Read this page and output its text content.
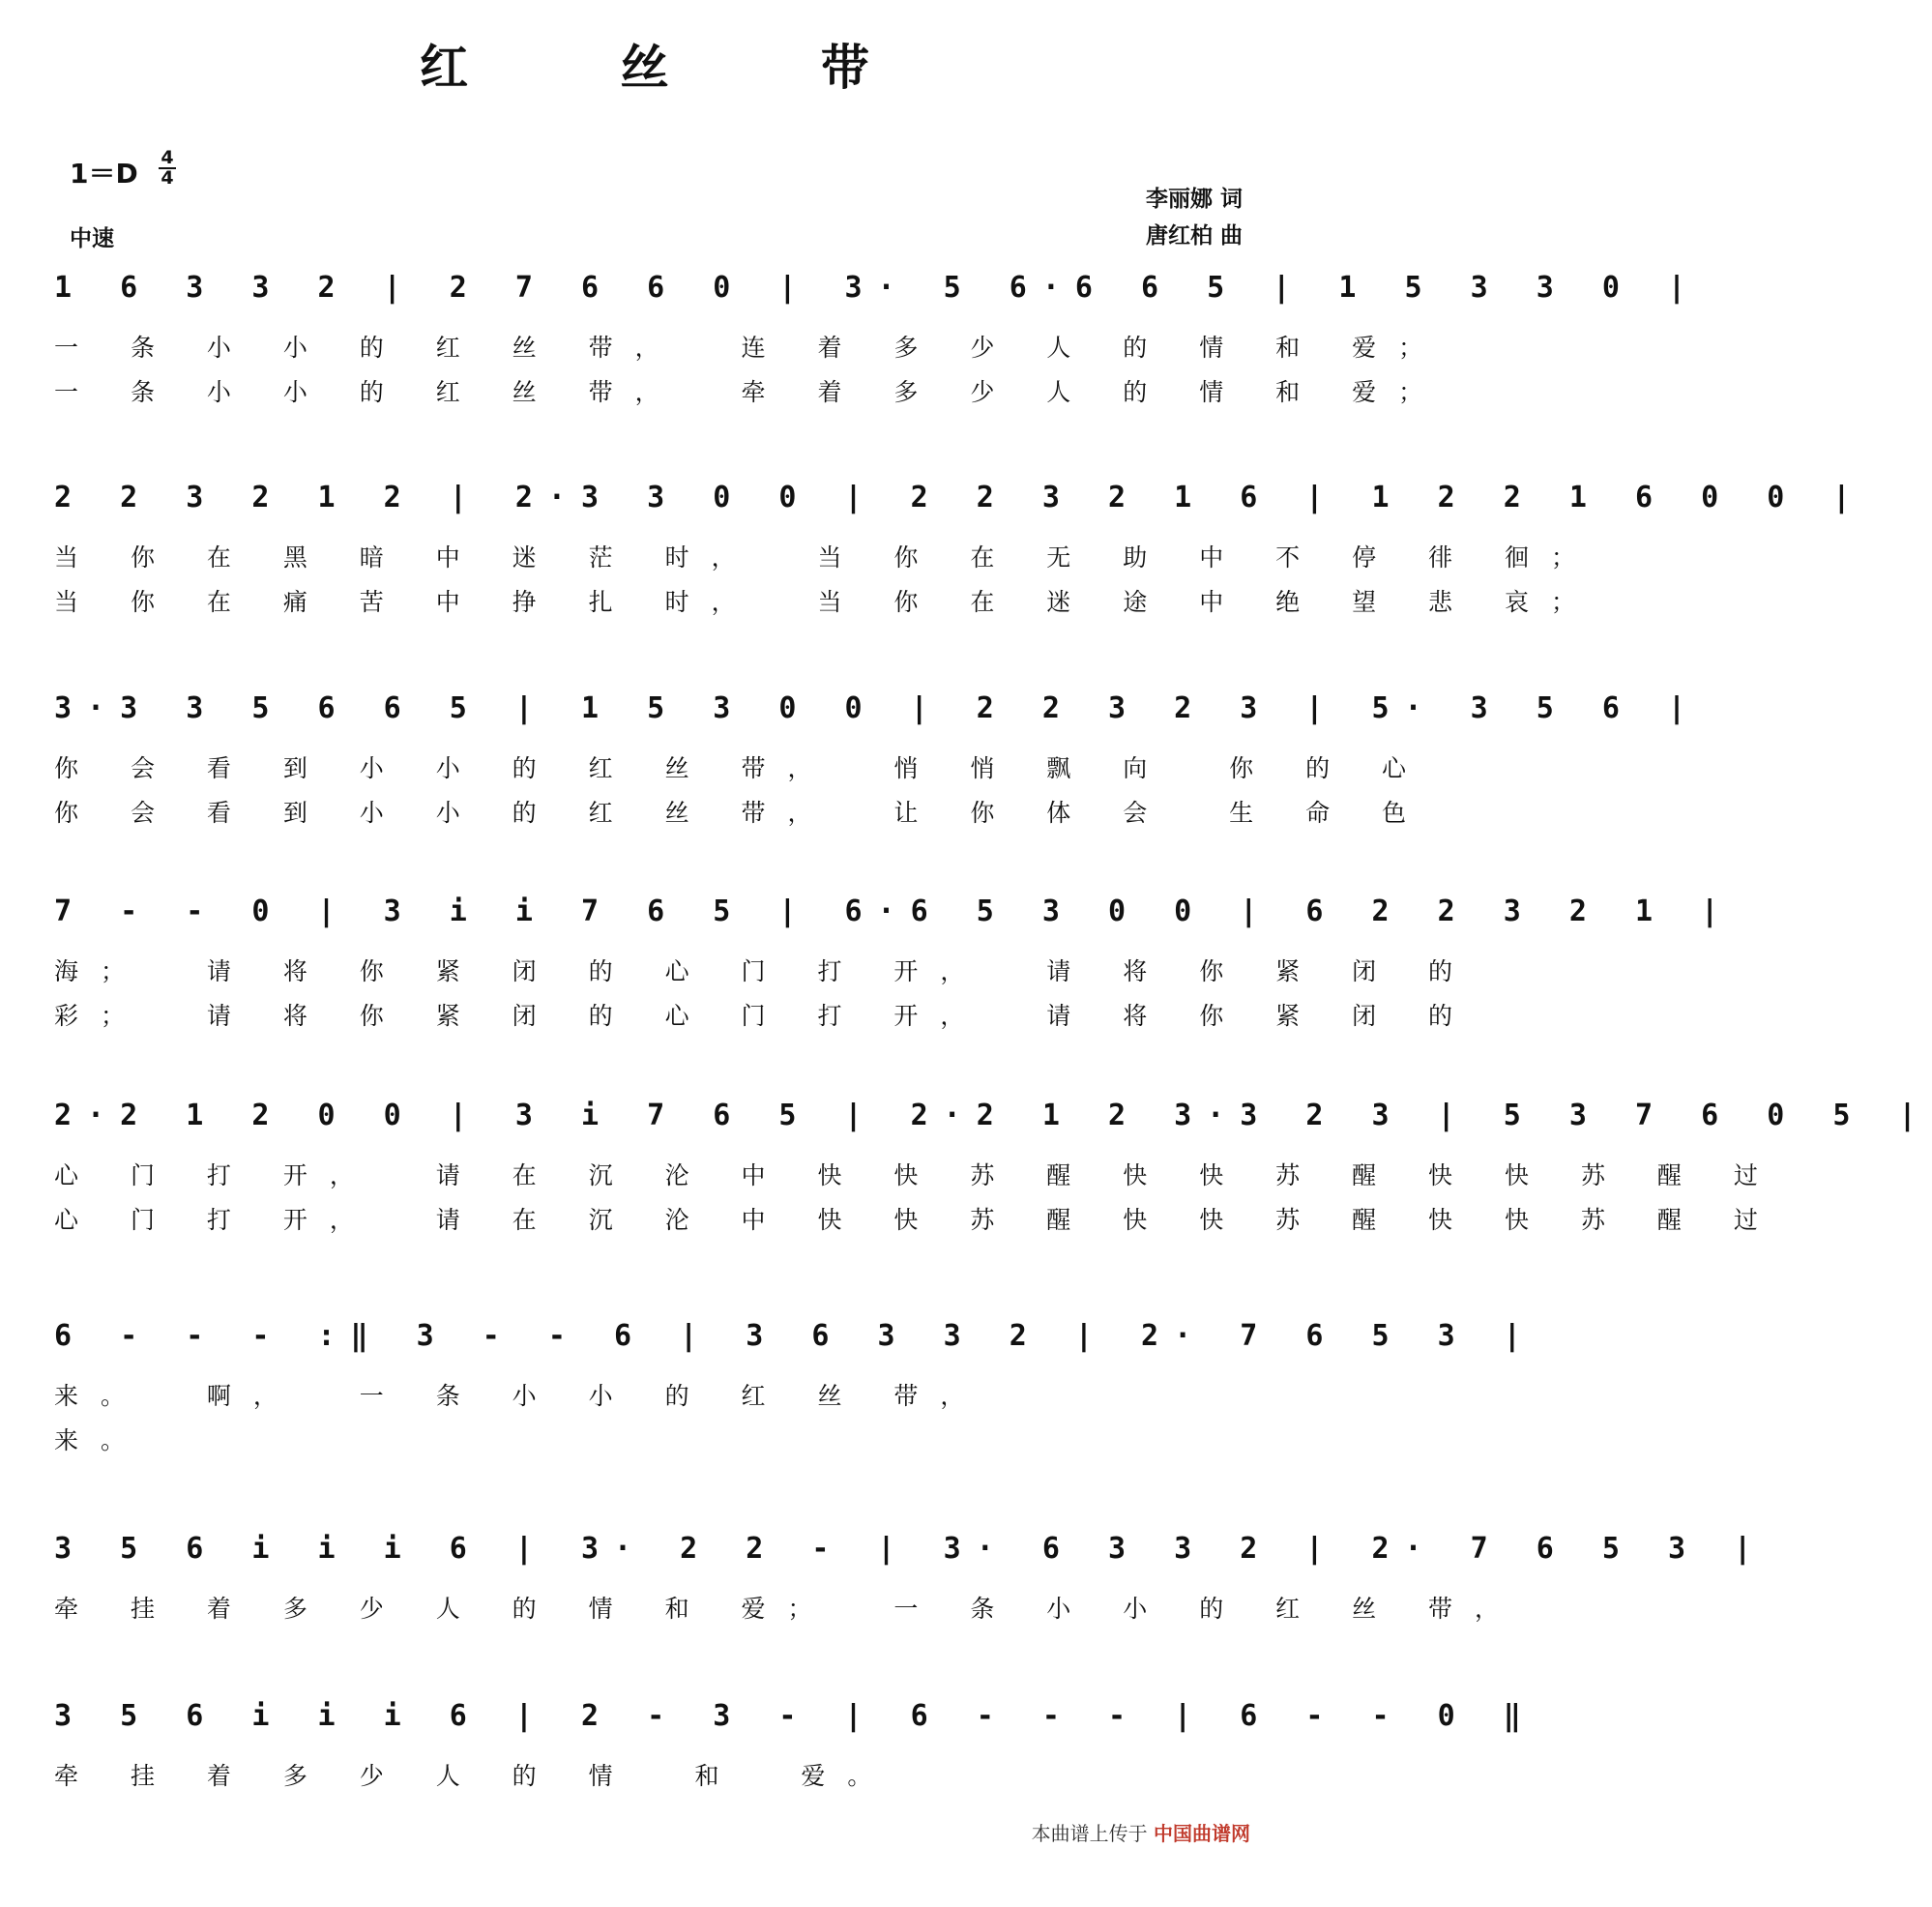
红 丝 带
1＝D 4
4
中速
李丽娜 词
唐红柏 曲
1 6 3 3 2 | 2 7 6 6 0 | 3· 5 6·6 6 5 | 1 5 3 3 0 |
一 条 小 小 的 红 丝 带，  连 着 多 少 人 的 情 和 爱；
一 条 小 小 的 红 丝 带，  牵 着 多 少 人 的 情 和 爱；
2 2 3 2 1 2 | 2·3 3 0 0 | 2 2 3 2 1 6 | 1 2 2 1 6 0 0 |
当 你 在 黑 暗 中 迷 茫 时，  当 你 在 无 助 中 不 停 徘 徊；
当 你 在 痛 苦 中 挣 扎 时，  当 你 在 迷 途 中 绝 望 悲 哀；
3·3 3 5 6 6 5 | 1 5 3 0 0 | 2 2 3 2 3 | 5· 3 5 6 |
你 会 看 到 小 小 的 红 丝 带，  悄 悄 飘 向  你 的 心
你 会 看 到 小 小 的 红 丝 带，  让 你 体 会  生 命 色
7 - - 0 | 3 i i 7 6 5 | 6·6 5 3 0 0 | 6 2 2 3 2 1 |
海；  请 将 你 紧 闭 的 心 门 打 开，  请 将 你 紧 闭 的
彩；  请 将 你 紧 闭 的 心 门 打 开，  请 将 你 紧 闭 的
2·2 1 2 0 0 | 3 i 7 6 5 | 2·2 1 2 3·3 2 3 | 5 3 7 6 0 5 |
心 门 打 开，  请 在 沉 沦 中 快 快 苏 醒 快 快 苏 醒 快 快 苏 醒 过
心 门 打 开，  请 在 沉 沦 中 快 快 苏 醒 快 快 苏 醒 快 快 苏 醒 过
6 - - - :‖ 3 - - 6 | 3 6 3 3 2 | 2· 7 6 5 3 |
来。  啊，  一 条 小 小 的 红 丝 带，
来。
3 5 6 i i i 6 | 3· 2 2 - | 3· 6 3 3 2 | 2· 7 6 5 3 |
牵 挂 着 多 少 人 的 情 和 爱；  一 条 小 小 的 红 丝 带，
3 5 6 i i i 6 | 2 - 3 - | 6 - - - | 6 - - 0 ‖
牵 挂 着 多 少 人 的 情  和  爱。
本曲谱上传于 中国曲谱网
